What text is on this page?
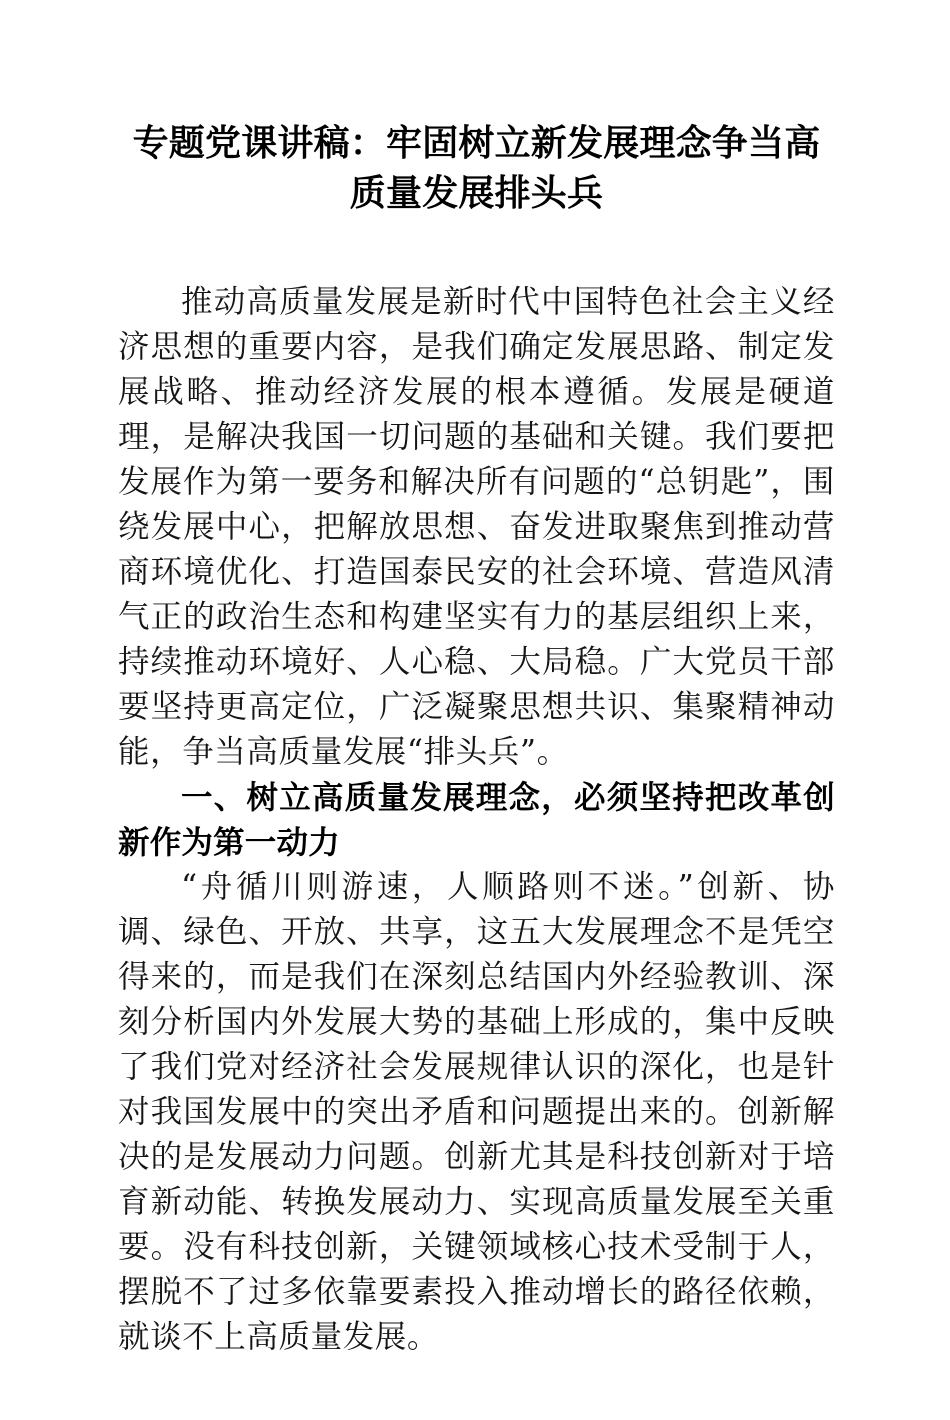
专题党课讲稿：牢固树立新发展理念争当高质量发展排头兵

推动高质量发展是新时代中国特色社会主义经济思想的重要内容，是我们确定发展思路、制定发展战略、推动经济发展的根本遵循。发展是硬道理，是解决我国一切问题的基础和关键。我们要把发展作为第一要务和解决所有问题的“总钥匙”，围绕发展中心，把解放思想、奋发进取聚焦到推动营商环境优化、打造国泰民安的社会环境、营造风清气正的政治生态和构建坚实有力的基层组织上来，持续推动环境好、人心稳、大局稳。广大党员干部要坚持更高定位，广泛凝聚思想共识、集聚精神动能，争当高质量发展“排头兵”。

一、树立高质量发展理念，必须坚持把改革创新作为第一动力

“舟循川则游速，人顺路则不迷。”创新、协调、绿色、开放、共享，这五大发展理念不是凭空得来的，而是我们在深刻总结国内外经验教训、深刻分析国内外发展大势的基础上形成的，集中反映了我们党对经济社会发展规律认识的深化，也是针对我国发展中的突出矛盾和问题提出来的。创新解决的是发展动力问题。创新尤其是科技创新对于培育新动能、转换发展动力、实现高质量发展至关重要。没有科技创新，关键领域核心技术受制于人，摆脱不了过多依靠要素投入推动增长的路径依赖，就谈不上高质量发展。
